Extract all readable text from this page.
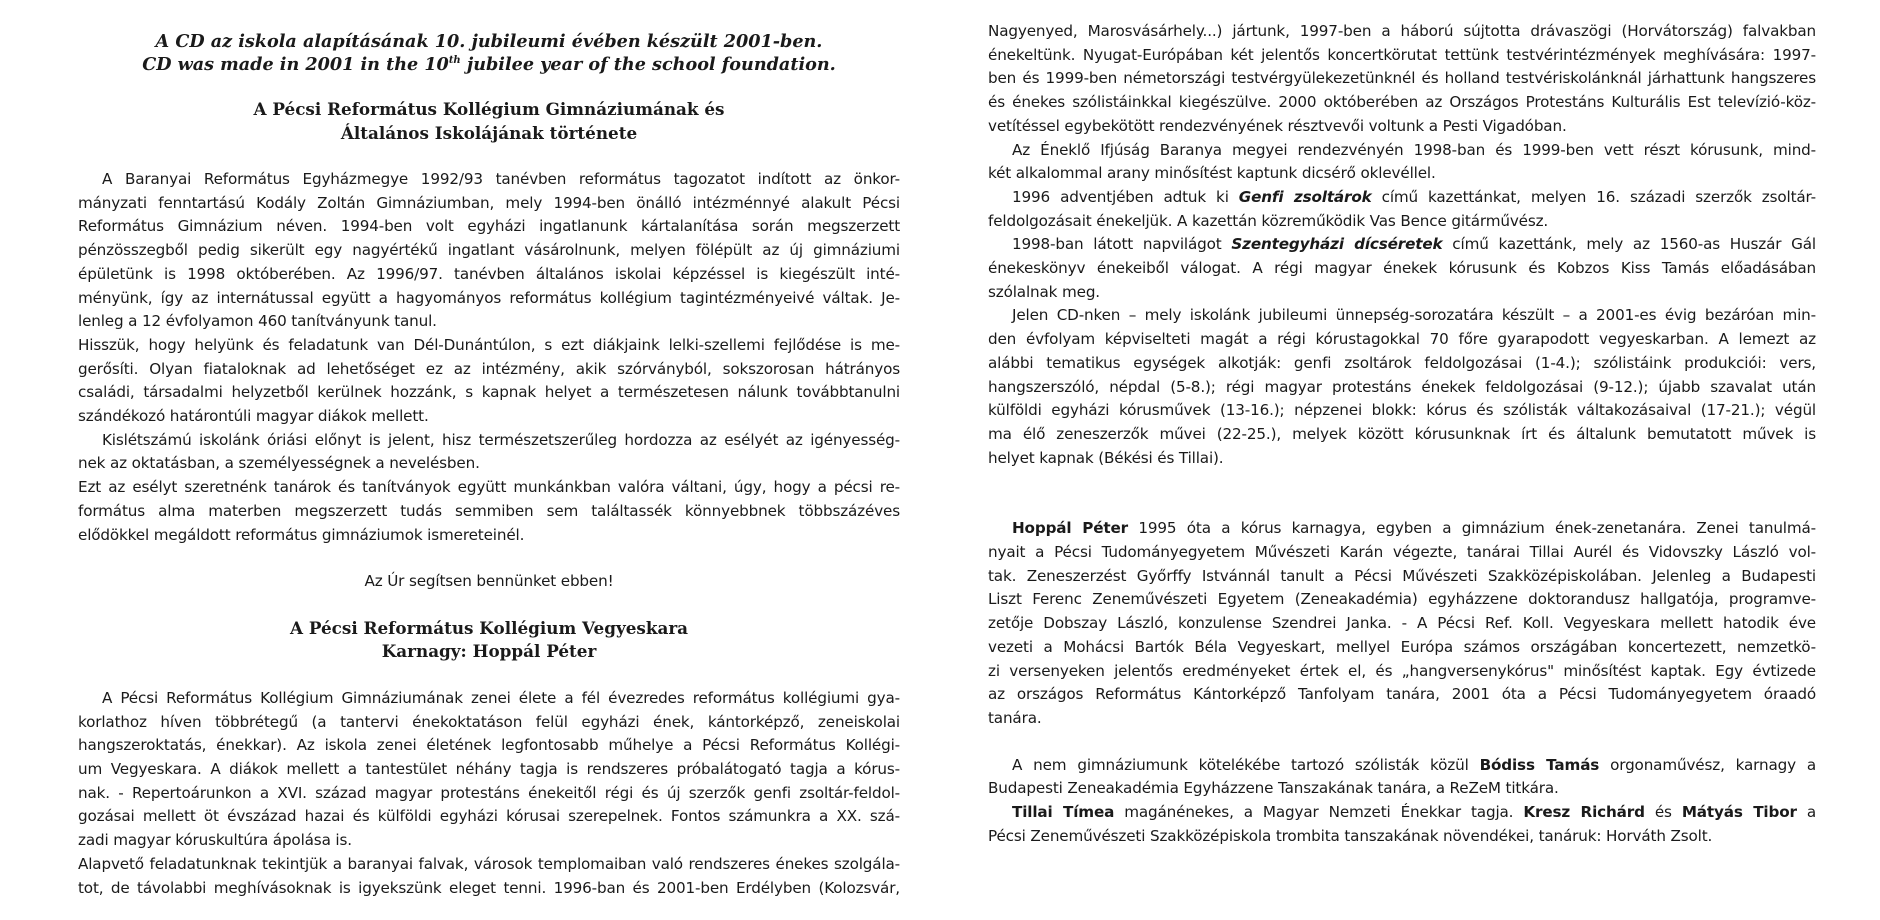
A CD az iskola alapításának 10. jubileumi évében készült 2001-ben.

CD was made in 2001 in the 10th jubilee year of the school foundation.

A Pécsi Református Kollégium Gimnáziumának és

Általános Iskolájának története

A Baranyai Református Egyházmegye 1992/93 tanévben református tagozatot indított az önkor-
mányzati fenntartású Kodály Zoltán Gimnáziumban, mely 1994-ben önálló intézménnyé alakult Pécsi
Református Gimnázium néven. 1994-ben volt egyházi ingatlanunk kártalanítása során megszerzett
pénzösszegből pedig sikerült egy nagyértékű ingatlant vásárolnunk, melyen fölépült az új gimnáziumi
épületünk is 1998 októberében. Az 1996/97. tanévben általános iskolai képzéssel is kiegészült inté-
ményünk, így az internátussal együtt a hagyományos református kollégium tagintézményeivé váltak. Je-
lenleg a 12 évfolyamon 460 tanítványunk tanul.
Hisszük, hogy helyünk és feladatunk van Dél-Dunántúlon, s ezt diákjaink lelki-szellemi fejlődése is me-
gerősíti. Olyan fiataloknak ad lehetőséget ez az intézmény, akik szórványból, sokszorosan hátrányos
családi, társadalmi helyzetből kerülnek hozzánk, s kapnak helyet a természetesen nálunk továbbtanulni
szándékozó határontúli magyar diákok mellett.
Kislétszámú iskolánk óriási előnyt is jelent, hisz természetszerűleg hordozza az esélyét az igényesség-
nek az oktatásban, a személyességnek a nevelésben.
Ezt az esélyt szeretnénk tanárok és tanítványok együtt munkánkban valóra váltani, úgy, hogy a pécsi re-
formátus alma materben megszerzett tudás semmiben sem találtassék könnyebbnek többszázéves
elődökkel megáldott református gimnáziumok ismereteinél.

Az Úr segítsen bennünket ebben!

A Pécsi Református Kollégium Vegyeskara

Karnagy: Hoppál Péter

A Pécsi Református Kollégium Gimnáziumának zenei élete a fél évezredes református kollégiumi gya-
korlathoz híven többrétegű (a tantervi énekoktatáson felül egyházi ének, kántorképző, zeneiskolai
hangszeroktatás, énekkar). Az iskola zenei életének legfontosabb műhelye a Pécsi Református Kollégi-
um Vegyeskara. A diákok mellett a tantestület néhány tagja is rendszeres próbalátogató tagja a kórus-
nak. - Repertoárunkon a XVI. század magyar protestáns énekeitől régi és új szerzők genfi zsoltár-feldol-
gozásai mellett öt évszázad hazai és külföldi egyházi kórusai szerepelnek. Fontos számunkra a XX. szá-
zadi magyar kóruskultúra ápolása is.
Alapvető feladatunknak tekintjük a baranyai falvak, városok templomaiban való rendszeres énekes szolgála-
tot, de távolabbi meghívásoknak is igyekszünk eleget tenni. 1996-ban és 2001-ben Erdélyben (Kolozsvár,
Nagyenyed, Marosvásárhely...) jártunk, 1997-ben a háború sújtotta drávaszögi (Horvátország) falvakban
énekeltünk. Nyugat-Európában két jelentős koncertkörutat tettünk testvérintézmények meghívására: 1997-
ben és 1999-ben németországi testvérgyülekezetünknél és holland testvériskolánknál járhattunk hangszeres
és énekes szólistáinkkal kiegészülve. 2000 októberében az Országos Protestáns Kulturális Est televízió-köz-
vetítéssel egybekötött rendezvényének résztvevői voltunk a Pesti Vigadóban.
Az Éneklő Ifjúság Baranya megyei rendezvényén 1998-ban és 1999-ben vett részt kórusunk, mind-
két alkalommal arany minősítést kaptunk dicsérő oklevéllel.
1996 adventjében adtuk ki Genfi zsoltárok című kazettánkat, melyen 16. századi szerzők zsoltár-
feldolgozásait énekeljük. A kazettán közreműködik Vas Bence gitárművész.
1998-ban látott napvilágot Szentegyházi dícséretek című kazettánk, mely az 1560-as Huszár Gál
énekeskönyv énekeiből válogat. A régi magyar énekek kórusunk és Kobzos Kiss Tamás előadásában
szólalnak meg.
Jelen CD-nken – mely iskolánk jubileumi ünnepség-sorozatára készült – a 2001-es évig bezáróan min-
den évfolyam képviselteti magát a régi kórustagokkal 70 főre gyarapodott vegyeskarban. A lemezt az
alábbi tematikus egységek alkotják: genfi zsoltárok feldolgozásai (1-4.); szólistáink produkciói: vers,
hangszerszóló, népdal (5-8.); régi magyar protestáns énekek feldolgozásai (9-12.); újabb szavalat után
külföldi egyházi kórusművek (13-16.); népzenei blokk: kórus és szólisták váltakozásaival (17-21.); végül
ma élő zeneszerzők művei (22-25.), melyek között kórusunknak írt és általunk bemutatott művek is
helyet kapnak (Békési és Tillai).
Hoppál Péter 1995 óta a kórus karnagya, egyben a gimnázium ének-zenetanára. Zenei tanulmá-
nyait a Pécsi Tudományegyetem Művészeti Karán végezte, tanárai Tillai Aurél és Vidovszky László vol-
tak. Zeneszerzést Győrffy Istvánnál tanult a Pécsi Művészeti Szakközépiskolában. Jelenleg a Budapesti
Liszt Ferenc Zeneművészeti Egyetem (Zeneakadémia) egyházzene doktorandusz hallgatója, programve-
zetője Dobszay László, konzulense Szendrei Janka. - A Pécsi Ref. Koll. Vegyeskara mellett hatodik éve
vezeti a Mohácsi Bartók Béla Vegyeskart, mellyel Európa számos országában koncertezett, nemzetkö-
zi versenyeken jelentős eredményeket értek el, és „hangversenykórus" minősítést kaptak. Egy évtizede
az országos Református Kántorképző Tanfolyam tanára, 2001 óta a Pécsi Tudományegyetem óraadó
tanára.
A nem gimnáziumunk kötelékébe tartozó szólisták közül Bódiss Tamás orgonaművész, karnagy a
Budapesti Zeneakadémia Egyházzene Tanszakának tanára, a ReZeM titkára.
Tillai Tímea magánénekes, a Magyar Nemzeti Énekkar tagja. Kresz Richárd és Mátyás Tibor a
Pécsi Zeneművészeti Szakközépiskola trombita tanszakának növendékei, tanáruk: Horváth Zsolt.
